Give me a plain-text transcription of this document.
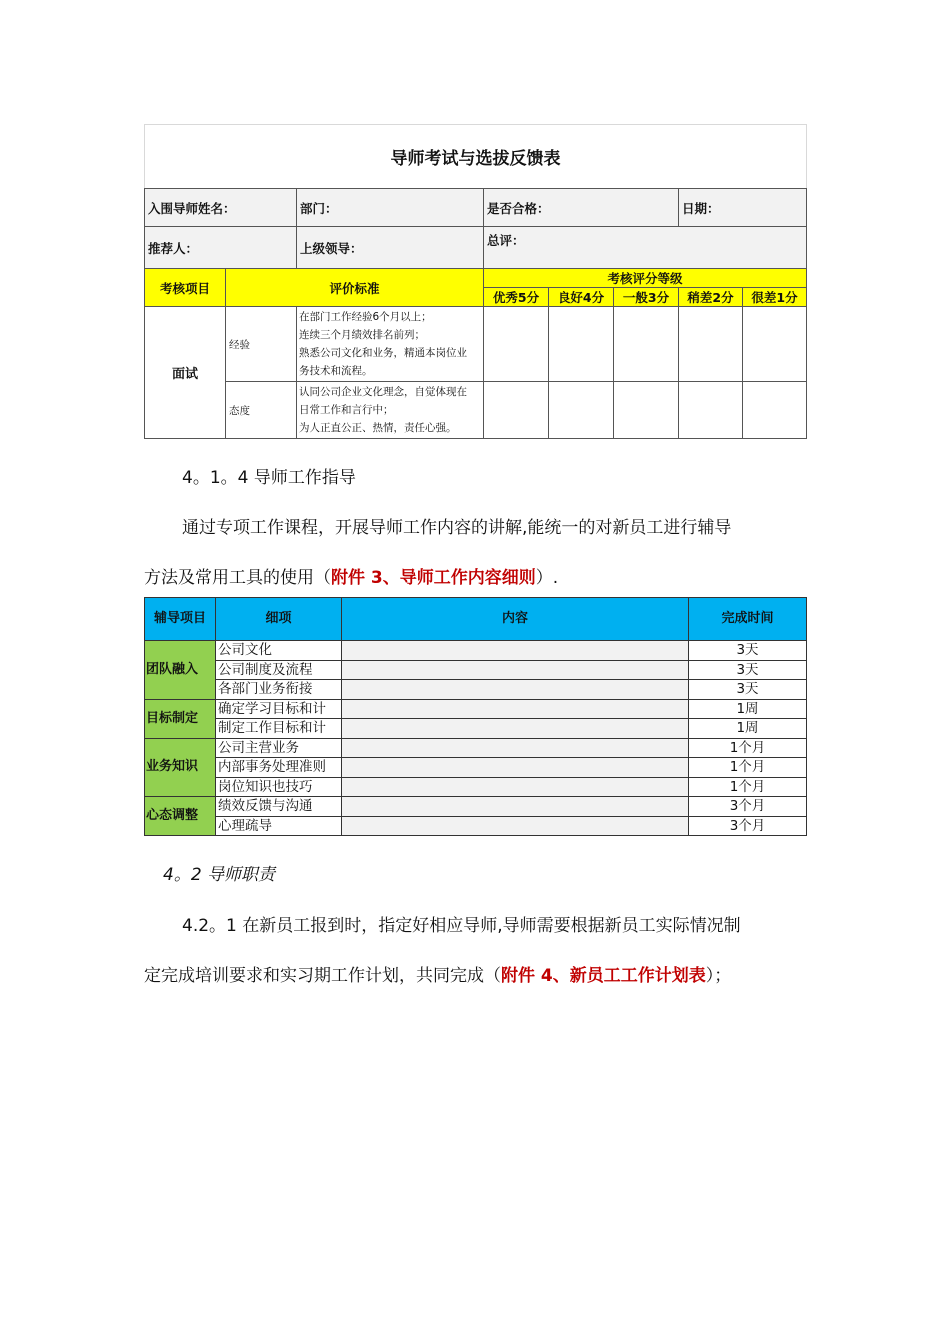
导师考试与选拔反馈表							
入围导师姓名：		部门：	是否合格：			日期：	
推荐人：		上级领导：	总评：				
考核项目	评价标准		考核评分等级				
			优秀5分	良好4分	一般3分	稍差2分	很差1分
面试	经验	在部门工作经验6个月以上；
连续三个月绩效排名前列；
熟悉公司文化和业务，精通本岗位业
务技术和流程。					

	态度	认同公司企业文化理念，自觉体现在
日常工作和言行中；
为人正直公正、热情，责任心强。					

4。1。4 导师工作指导
通过专项工作课程，开展导师工作内容的讲解,能统一的对新员工进行辅导
方法及常用工具的使用（附件 3、导师工作内容细则）.
辅导项目	细项	内容	完成时间
团队融入	公司文化		3天
	公司制度及流程		3天
	各部门业务衔接		3天
目标制定	确定学习目标和计		1周
	制定工作目标和计		1周
业务知识	公司主营业务		1个月
	内部事务处理准则		1个月
	岗位知识也技巧		1个月
心态调整	绩效反馈与沟通		3个月
	心理疏导		3个月
4。2 导师职责
4.2。1 在新员工报到时，指定好相应导师,导师需要根据新员工实际情况制
定完成培训要求和实习期工作计划，共同完成（附件 4、新员工工作计划表）；
